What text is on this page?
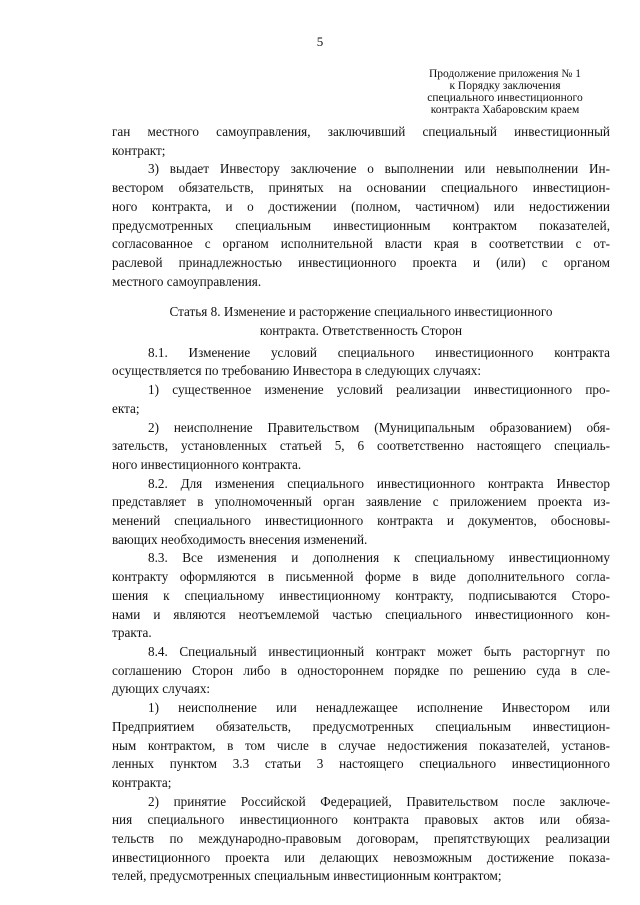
5
Продолжение приложения № 1
к Порядку заключения
специального инвестиционного
контракта Хабаровским краем

ган местного самоуправления, заключивший специальный инвестиционный

контракт;

3) выдает Инвестору заключение о выполнении или невыполнении Ин-

вестором обязательств, принятых на основании специального инвестицион-

ного контракта, и о достижении (полном, частичном) или недостижении

предусмотренных специальным инвестиционным контрактом показателей,

согласованное с органом исполнительной власти края в соответствии с от-

раслевой принадлежностью инвестиционного проекта и (или) с органом

местного самоуправления.

Статья 8. Изменение и расторжение специального инвестиционного

контракта. Ответственность Сторон

8.1. Изменение условий специального инвестиционного контракта

осуществляется по требованию Инвестора в следующих случаях:

1) существенное изменение условий реализации инвестиционного про-

екта;

2) неисполнение Правительством (Муниципальным образованием) обя-

зательств, установленных статьей 5, 6 соответственно настоящего специаль-

ного инвестиционного контракта.

8.2. Для изменения специального инвестиционного контракта Инвестор

представляет в уполномоченный орган заявление с приложением проекта из-

менений специального инвестиционного контракта и документов, обосновы-

вающих необходимость внесения изменений.

8.3. Все изменения и дополнения к специальному инвестиционному

контракту оформляются в письменной форме в виде дополнительного согла-

шения к специальному инвестиционному контракту, подписываются Сторо-

нами и являются неотъемлемой частью специального инвестиционного кон-

тракта.

8.4. Специальный инвестиционный контракт может быть расторгнут по

соглашению Сторон либо в одностороннем порядке по решению суда в сле-

дующих случаях:

1) неисполнение или ненадлежащее исполнение Инвестором или

Предприятием обязательств, предусмотренных специальным инвестицион-

ным контрактом, в том числе в случае недостижения показателей, установ-

ленных пунктом 3.3 статьи 3 настоящего специального инвестиционного

контракта;

2) принятие Российской Федерацией, Правительством после заключе-

ния специального инвестиционного контракта правовых актов или обяза-

тельств по международно-правовым договорам, препятствующих реализации

инвестиционного проекта или делающих невозможным достижение показа-

телей, предусмотренных специальным инвестиционным контрактом;
